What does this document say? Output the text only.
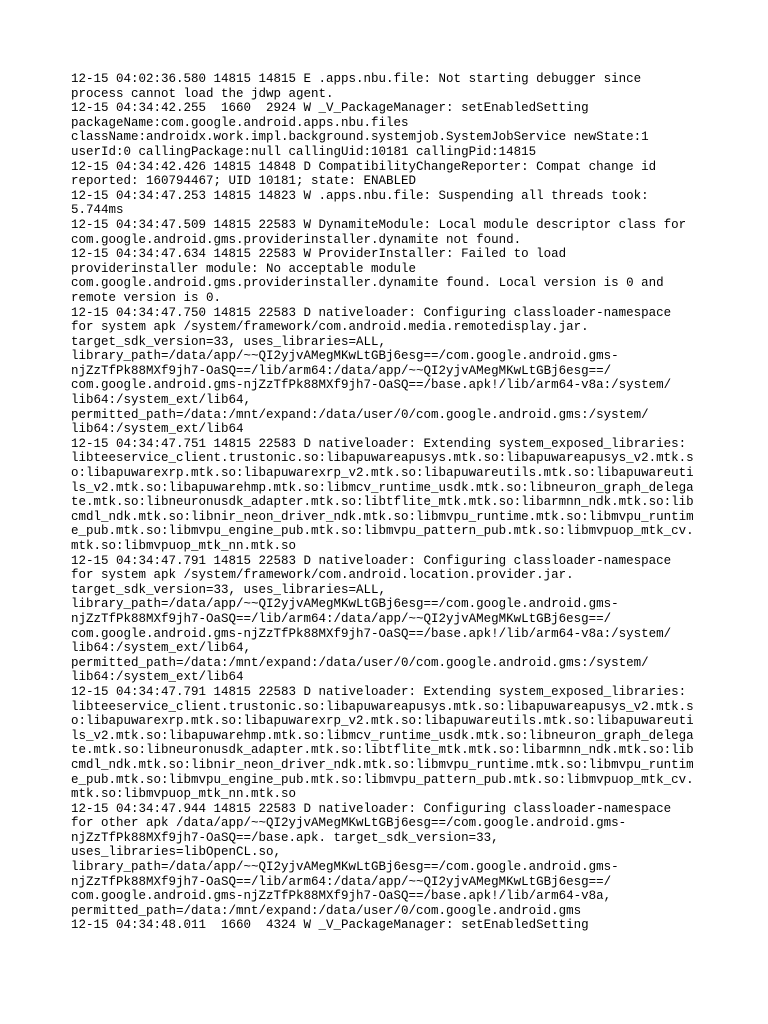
12-15 04:02:36.580 14815 14815 E .apps.nbu.file: Not starting debugger since
process cannot load the jdwp agent.
12-15 04:34:42.255  1660  2924 W _V_PackageManager: setEnabledSetting
packageName:com.google.android.apps.nbu.files
className:androidx.work.impl.background.systemjob.SystemJobService newState:1
userId:0 callingPackage:null callingUid:10181 callingPid:14815
12-15 04:34:42.426 14815 14848 D CompatibilityChangeReporter: Compat change id
reported: 160794467; UID 10181; state: ENABLED
12-15 04:34:47.253 14815 14823 W .apps.nbu.file: Suspending all threads took:
5.744ms
12-15 04:34:47.509 14815 22583 W DynamiteModule: Local module descriptor class for
com.google.android.gms.providerinstaller.dynamite not found.
12-15 04:34:47.634 14815 22583 W ProviderInstaller: Failed to load
providerinstaller module: No acceptable module
com.google.android.gms.providerinstaller.dynamite found. Local version is 0 and
remote version is 0.
12-15 04:34:47.750 14815 22583 D nativeloader: Configuring classloader-namespace
for system apk /system/framework/com.android.media.remotedisplay.jar.
target_sdk_version=33, uses_libraries=ALL,
library_path=/data/app/~~QI2yjvAMegMKwLtGBj6esg==/com.google.android.gms-
njZzTfPk88MXf9jh7-OaSQ==/lib/arm64:/data/app/~~QI2yjvAMegMKwLtGBj6esg==/
com.google.android.gms-njZzTfPk88MXf9jh7-OaSQ==/base.apk!/lib/arm64-v8a:/system/
lib64:/system_ext/lib64,
permitted_path=/data:/mnt/expand:/data/user/0/com.google.android.gms:/system/
lib64:/system_ext/lib64
12-15 04:34:47.751 14815 22583 D nativeloader: Extending system_exposed_libraries:
libteeservice_client.trustonic.so:libapuwareapusys.mtk.so:libapuwareapusys_v2.mtk.s
o:libapuwarexrp.mtk.so:libapuwarexrp_v2.mtk.so:libapuwareutils.mtk.so:libapuwareuti
ls_v2.mtk.so:libapuwarehmp.mtk.so:libmcv_runtime_usdk.mtk.so:libneuron_graph_delega
te.mtk.so:libneuronusdk_adapter.mtk.so:libtflite_mtk.mtk.so:libarmnn_ndk.mtk.so:lib
cmdl_ndk.mtk.so:libnir_neon_driver_ndk.mtk.so:libmvpu_runtime.mtk.so:libmvpu_runtim
e_pub.mtk.so:libmvpu_engine_pub.mtk.so:libmvpu_pattern_pub.mtk.so:libmvpuop_mtk_cv.
mtk.so:libmvpuop_mtk_nn.mtk.so
12-15 04:34:47.791 14815 22583 D nativeloader: Configuring classloader-namespace
for system apk /system/framework/com.android.location.provider.jar.
target_sdk_version=33, uses_libraries=ALL,
library_path=/data/app/~~QI2yjvAMegMKwLtGBj6esg==/com.google.android.gms-
njZzTfPk88MXf9jh7-OaSQ==/lib/arm64:/data/app/~~QI2yjvAMegMKwLtGBj6esg==/
com.google.android.gms-njZzTfPk88MXf9jh7-OaSQ==/base.apk!/lib/arm64-v8a:/system/
lib64:/system_ext/lib64,
permitted_path=/data:/mnt/expand:/data/user/0/com.google.android.gms:/system/
lib64:/system_ext/lib64
12-15 04:34:47.791 14815 22583 D nativeloader: Extending system_exposed_libraries:
libteeservice_client.trustonic.so:libapuwareapusys.mtk.so:libapuwareapusys_v2.mtk.s
o:libapuwarexrp.mtk.so:libapuwarexrp_v2.mtk.so:libapuwareutils.mtk.so:libapuwareuti
ls_v2.mtk.so:libapuwarehmp.mtk.so:libmcv_runtime_usdk.mtk.so:libneuron_graph_delega
te.mtk.so:libneuronusdk_adapter.mtk.so:libtflite_mtk.mtk.so:libarmnn_ndk.mtk.so:lib
cmdl_ndk.mtk.so:libnir_neon_driver_ndk.mtk.so:libmvpu_runtime.mtk.so:libmvpu_runtim
e_pub.mtk.so:libmvpu_engine_pub.mtk.so:libmvpu_pattern_pub.mtk.so:libmvpuop_mtk_cv.
mtk.so:libmvpuop_mtk_nn.mtk.so
12-15 04:34:47.944 14815 22583 D nativeloader: Configuring classloader-namespace
for other apk /data/app/~~QI2yjvAMegMKwLtGBj6esg==/com.google.android.gms-
njZzTfPk88MXf9jh7-OaSQ==/base.apk. target_sdk_version=33,
uses_libraries=libOpenCL.so,
library_path=/data/app/~~QI2yjvAMegMKwLtGBj6esg==/com.google.android.gms-
njZzTfPk88MXf9jh7-OaSQ==/lib/arm64:/data/app/~~QI2yjvAMegMKwLtGBj6esg==/
com.google.android.gms-njZzTfPk88MXf9jh7-OaSQ==/base.apk!/lib/arm64-v8a,
permitted_path=/data:/mnt/expand:/data/user/0/com.google.android.gms
12-15 04:34:48.011  1660  4324 W _V_PackageManager: setEnabledSetting
